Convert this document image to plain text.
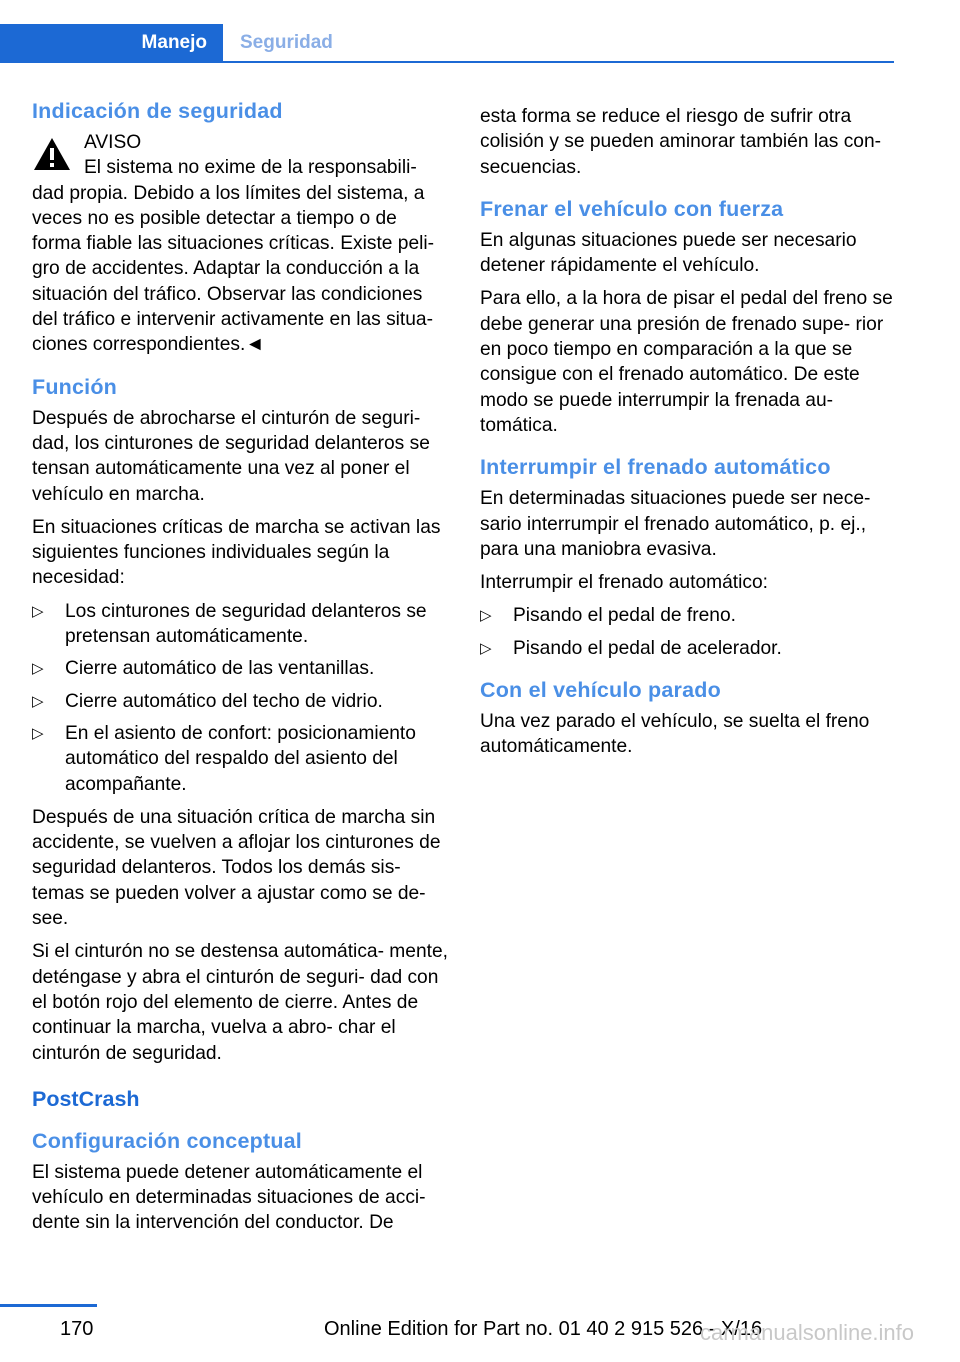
Manejo Seguridad
Indicación de seguridad

AVISO

El sistema no exime de la responsabili‐

dad propia. Debido a los límites del sistema, a veces no es posible detectar a tiempo o de forma fiable las situaciones críticas. Existe peli‐ gro de accidentes. Adaptar la conducción a la situación del tráfico. Observar las condiciones del tráfico e intervenir activamente en las situa‐ ciones correspondientes.◄

Función

Después de abrocharse el cinturón de seguri‐ dad, los cinturones de seguridad delanteros se tensan automáticamente una vez al poner el vehículo en marcha.

En situaciones críticas de marcha se activan las siguientes funciones individuales según la necesidad:

▷ Los cinturones de seguridad delanteros se pretensan automáticamente.
▷ Cierre automático de las ventanillas.
▷ Cierre automático del techo de vidrio.
▷ En el asiento de confort: posicionamiento automático del respaldo del asiento del acompañante.

Después de una situación crítica de marcha sin accidente, se vuelven a aflojar los cinturones de seguridad delanteros. Todos los demás sis‐ temas se pueden volver a ajustar como se de‐ see.

Si el cinturón no se destensa automática‐ mente, deténgase y abra el cinturón de seguri‐ dad con el botón rojo del elemento de cierre. Antes de continuar la marcha, vuelva a abro‐ char el cinturón de seguridad.

PostCrash
Configuración conceptual

El sistema puede detener automáticamente el vehículo en determinadas situaciones de acci‐ dente sin la intervención del conductor. De

esta forma se reduce el riesgo de sufrir otra colisión y se pueden aminorar también las con‐ secuencias.

Frenar el vehículo con fuerza

En algunas situaciones puede ser necesario detener rápidamente el vehículo.

Para ello, a la hora de pisar el pedal del freno se debe generar una presión de frenado supe‐ rior en poco tiempo en comparación a la que se consigue con el frenado automático. De este modo se puede interrumpir la frenada au‐ tomática.

Interrumpir el frenado automático

En determinadas situaciones puede ser nece‐ sario interrumpir el frenado automático, p. ej., para una maniobra evasiva.

Interrumpir el frenado automático:

▷ Pisando el pedal de freno.
▷ Pisando el pedal de acelerador.
Con el vehículo parado

Una vez parado el vehículo, se suelta el freno automáticamente.

170	Online Edition for Part no. 01 40 2 915 526 - X/16
carmanualsonline.info
